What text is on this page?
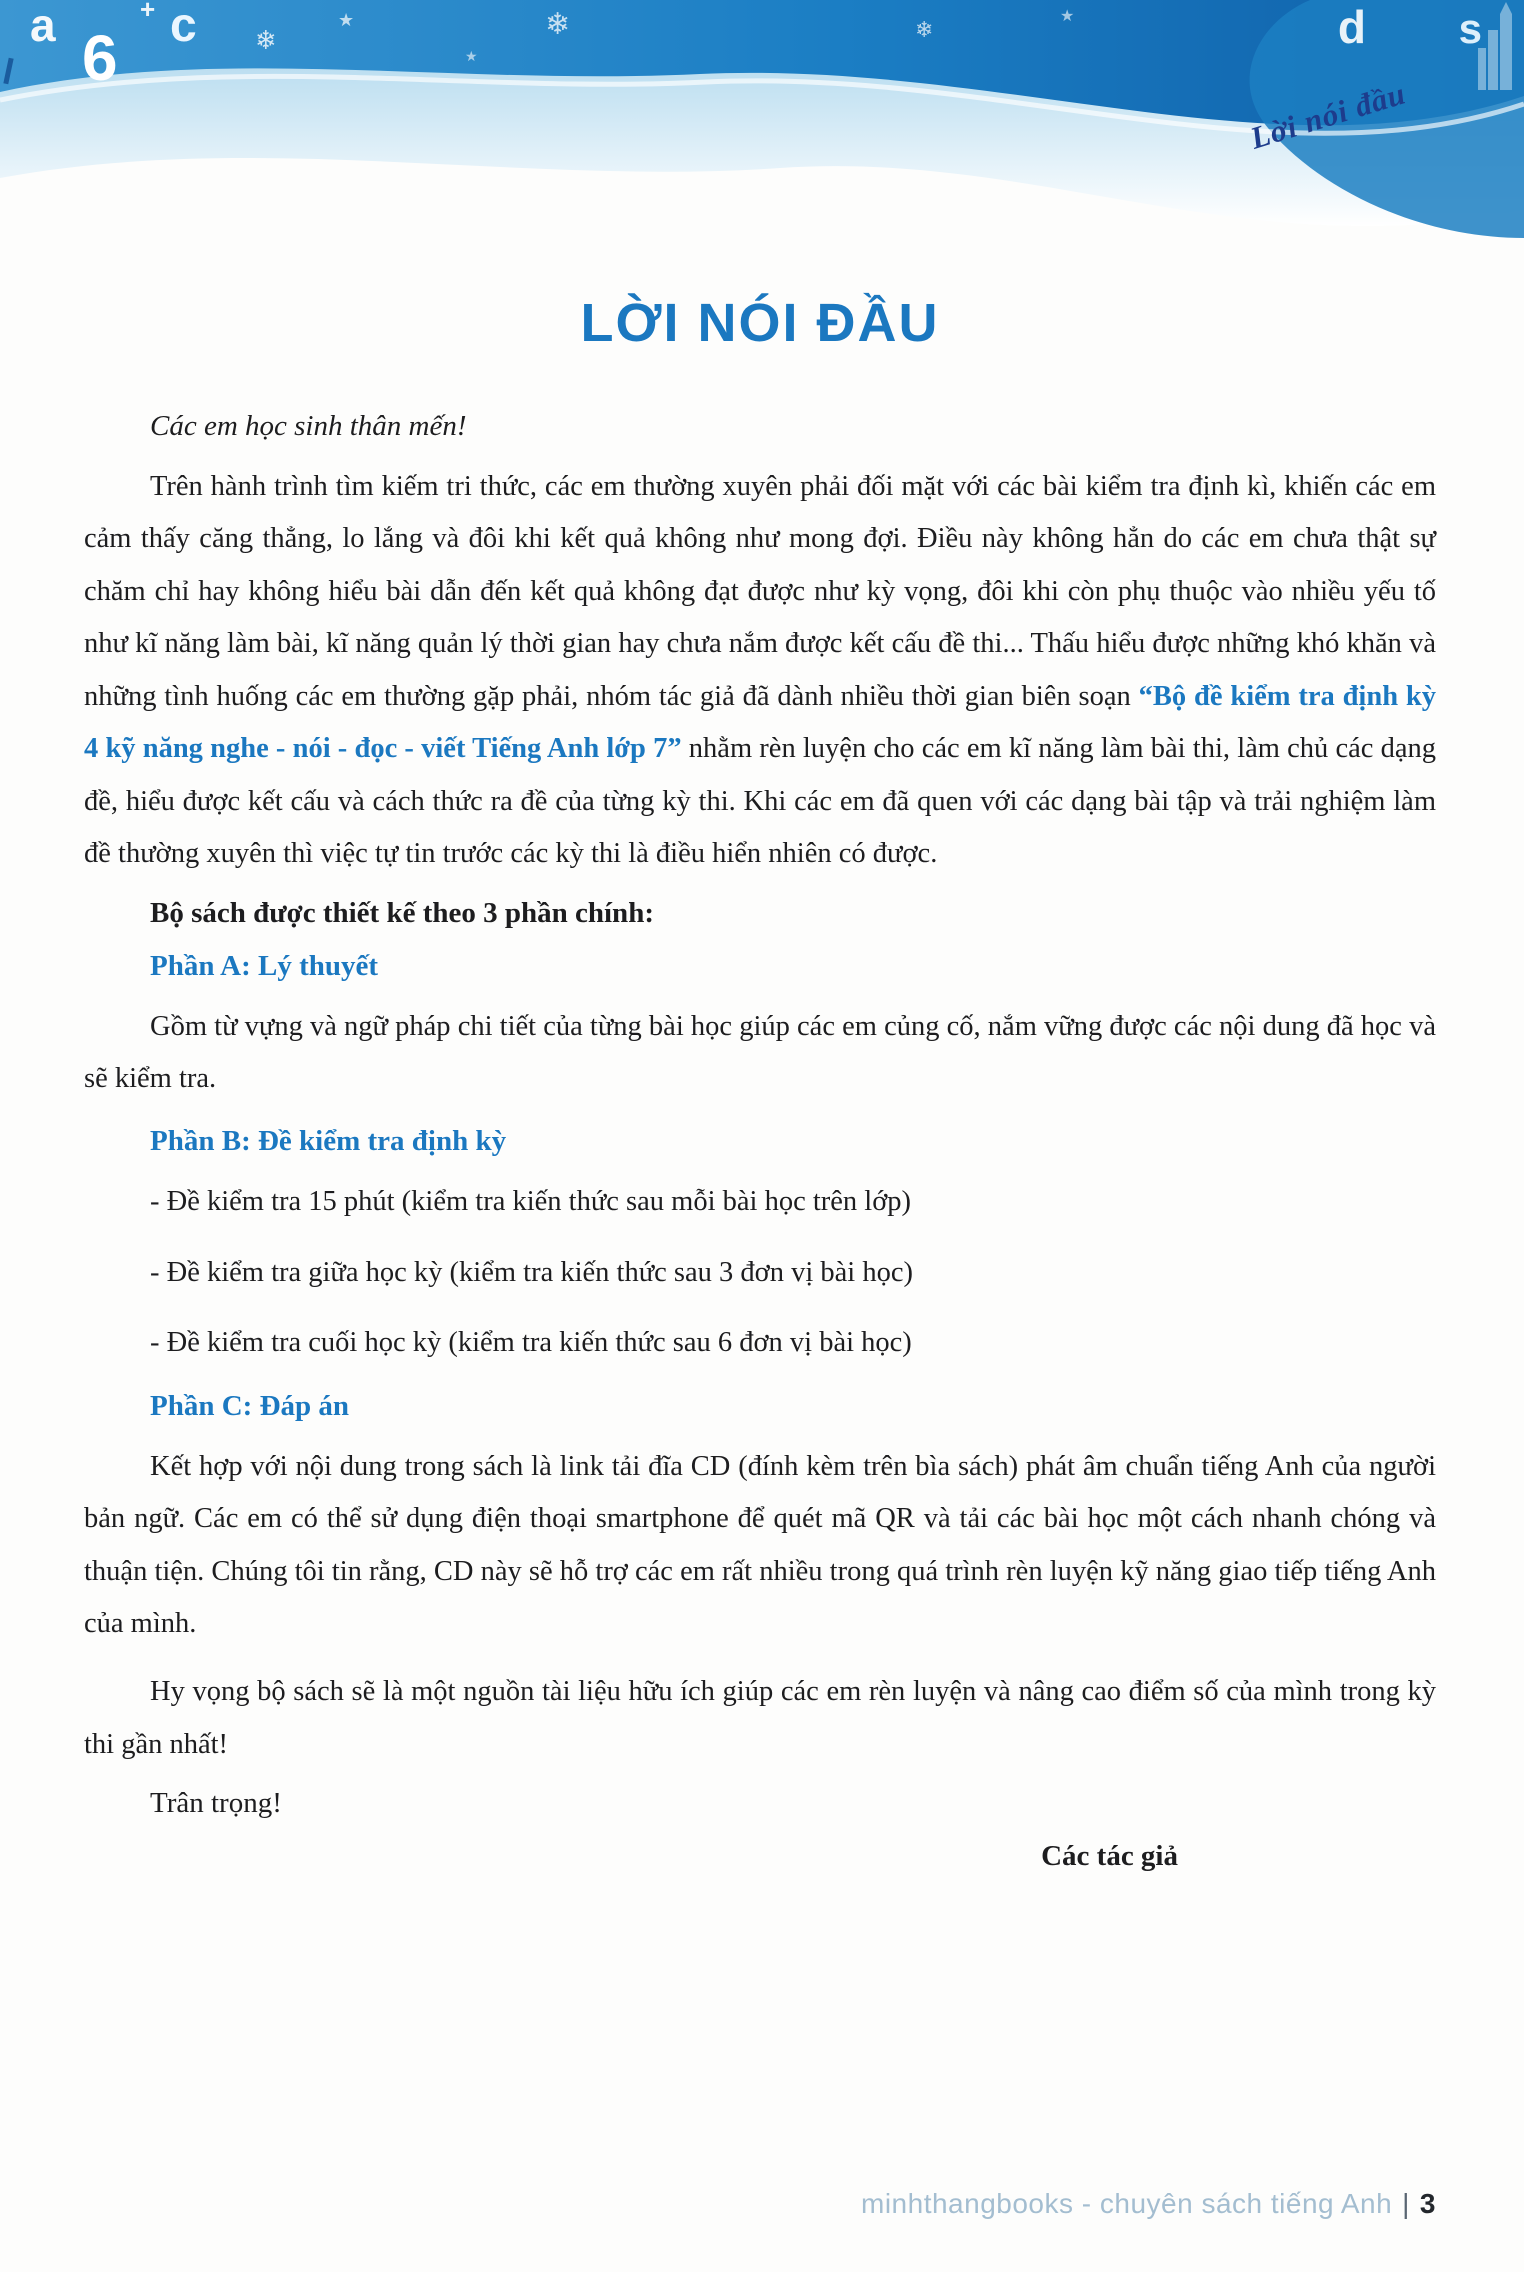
a	+
6 c	d s
❄
★	❄
★
❄
★
Lời nói đầu
LỜI NÓI ĐẦU

Các em học sinh thân mến!

Trên hành trình tìm kiếm tri thức, các em thường xuyên phải đối mặt với các bài kiểm tra định kì, khiến các em cảm thấy căng thẳng, lo lắng và đôi khi kết quả không như mong đợi. Điều này không hẳn do các em chưa thật sự chăm chỉ hay không hiểu bài dẫn đến kết quả không đạt được như kỳ vọng, đôi khi còn phụ thuộc vào nhiều yếu tố như kĩ năng làm bài, kĩ năng quản lý thời gian hay chưa nắm được kết cấu đề thi... Thấu hiểu được những khó khăn và những tình huống các em thường gặp phải, nhóm tác giả đã dành nhiều thời gian biên soạn “Bộ đề kiểm tra định kỳ 4 kỹ năng nghe - nói - đọc - viết Tiếng Anh lớp 7” nhằm rèn luyện cho các em kĩ năng làm bài thi, làm chủ các dạng đề, hiểu được kết cấu và cách thức ra đề của từng kỳ thi. Khi các em đã quen với các dạng bài tập và trải nghiệm làm đề thường xuyên thì việc tự tin trước các kỳ thi là điều hiển nhiên có được.

Bộ sách được thiết kế theo 3 phần chính:

Phần A: Lý thuyết

Gồm từ vựng và ngữ pháp chi tiết của từng bài học giúp các em củng cố, nắm vững được các nội dung đã học và sẽ kiểm tra.

Phần B: Đề kiểm tra định kỳ

- Đề kiểm tra 15 phút (kiểm tra kiến thức sau mỗi bài học trên lớp)

- Đề kiểm tra giữa học kỳ (kiểm tra kiến thức sau 3 đơn vị bài học)

- Đề kiểm tra cuối học kỳ (kiểm tra kiến thức sau 6 đơn vị bài học)

Phần C: Đáp án

Kết hợp với nội dung trong sách là link tải đĩa CD (đính kèm trên bìa sách) phát âm chuẩn tiếng Anh của người bản ngữ. Các em có thể sử dụng điện thoại smartphone để quét mã QR và tải các bài học một cách nhanh chóng và thuận tiện. Chúng tôi tin rằng, CD này sẽ hỗ trợ các em rất nhiều trong quá trình rèn luyện kỹ năng giao tiếp tiếng Anh của mình.

Hy vọng bộ sách sẽ là một nguồn tài liệu hữu ích giúp các em rèn luyện và nâng cao điểm số của mình trong kỳ thi gần nhất!

Trân trọng!

Các tác giả

minhthangbooks - chuyên sách tiếng Anh | 3
